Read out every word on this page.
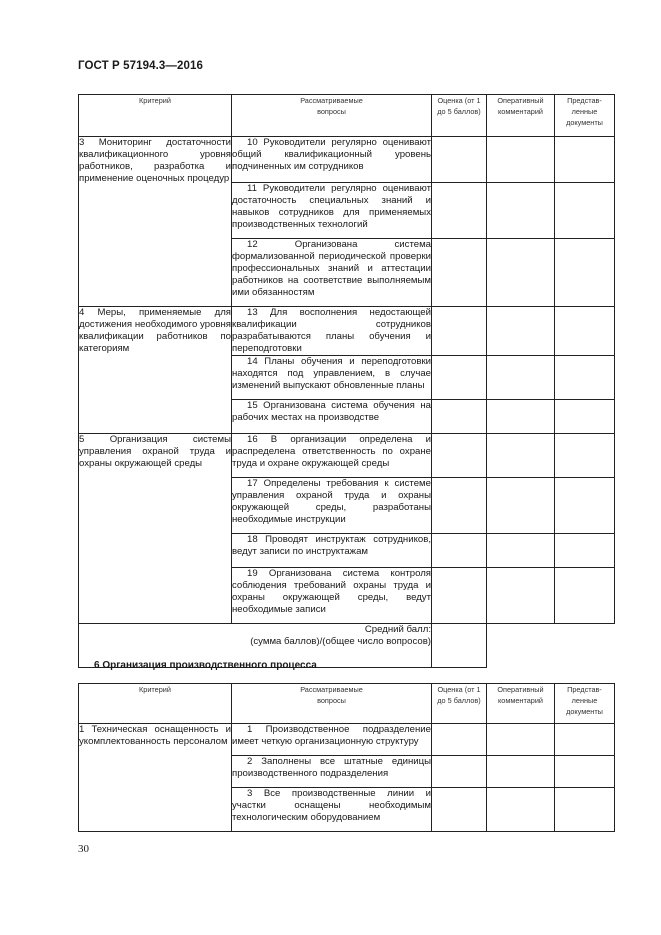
ГОСТ Р 57194.3—2016
Критерий	Рассматриваемые вопросы	Оценка (от 1 до 5 баллов)	Оперативный комментарий	Представ-ленные документы

3 Мониторинг достаточности квалификационного уровня работников, разработка и применение оценочных процедур	10 Руководители регулярно оценивают общий квалификационный уровень подчиненных им сотрудников			

	11 Руководители регулярно оценивают достаточность специальных знаний и навыков сотрудников для применяемых производственных технологий			

	12 Организована система формализованной периодической проверки профессиональных знаний и аттестации работников на соответствие выполняемым ими обязанностям			

4 Меры, применяемые для достижения необходимого уровня квалификации работников по категориям	13 Для восполнения недостающей квалификации сотрудников разрабатываются планы обучения и переподготовки			

	14 Планы обучения и переподготовки находятся под управлением, в случае изменений выпускают обновленные планы			

	15 Организована система обучения на рабочих местах на производстве			

5 Организация системы управления охраной труда и охраны окружающей среды	16 В организации определена и распределена ответственность по охране труда и охране окружающей среды			

	17 Определены требования к системе управления охраной труда и охраны окружающей среды, разработаны необходимые инструкции			

	18 Проводят инструктаж сотрудников, ведут записи по инструктажам			

	19 Организована система контроля соблюдения требований охраны труда и охраны окружающей среды, ведут необходимые записи			

Средний балл:
(сумма баллов)/(общее число вопросов)				

6 Организация производственного процесса
Критерий	Рассматриваемые вопросы	Оценка (от 1 до 5 баллов)	Оперативный комментарий	Представ-ленные документы

1 Техническая оснащенность и укомплектованность персоналом	1 Производственное подразделение имеет четкую организационную структуру			

	2 Заполнены все штатные единицы производственного подразделения			

	3 Все производственные линии и участки оснащены необходимым технологическим оборудованием			

30
